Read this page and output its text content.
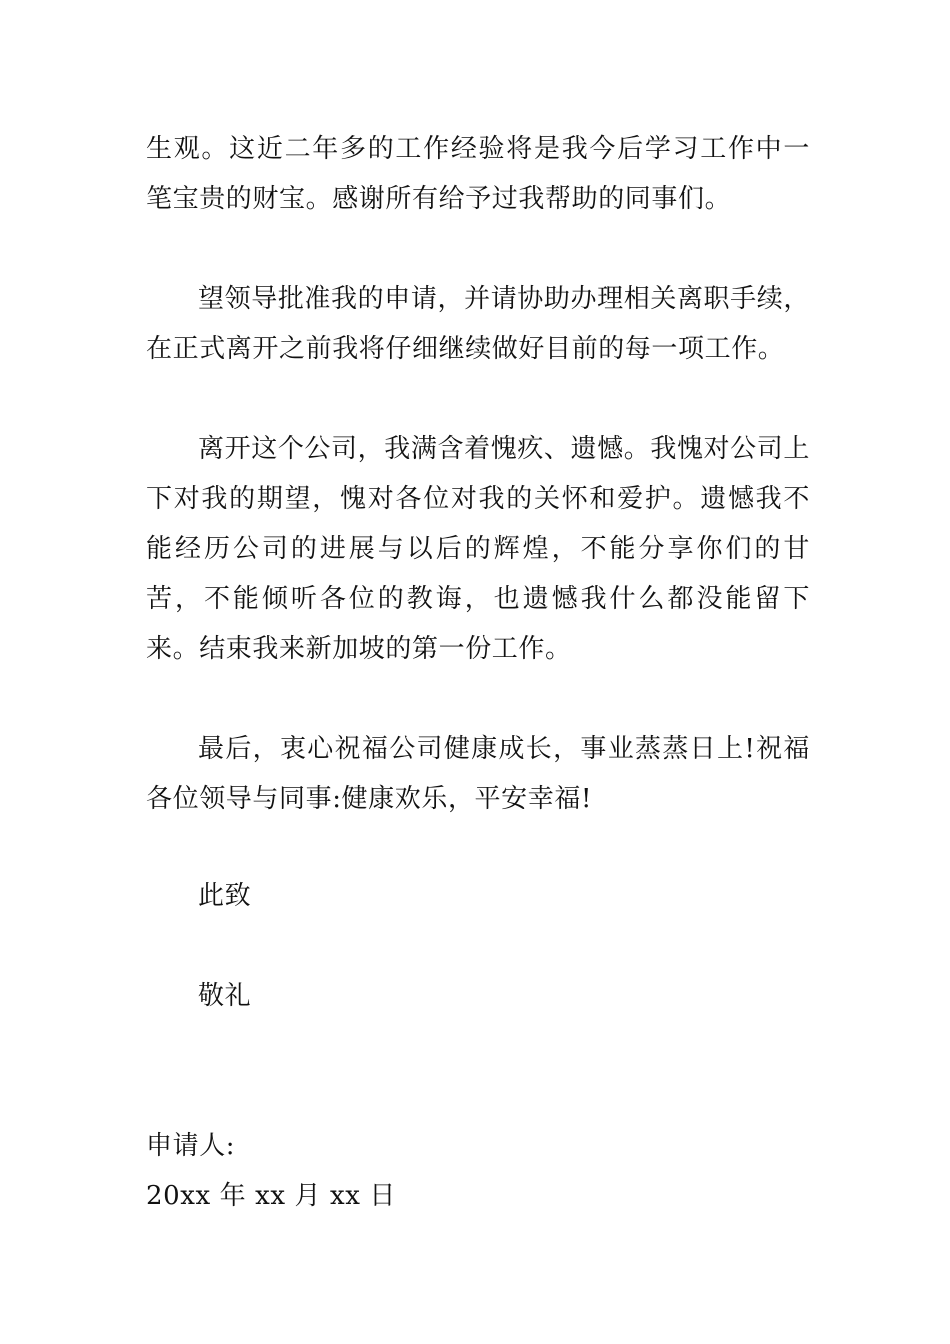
生观。这近二年多的工作经验将是我今后学习工作中一笔宝贵的财宝。感谢所有给予过我帮助的同事们。

望领导批准我的申请，并请协助办理相关离职手续，在正式离开之前我将仔细继续做好目前的每一项工作。

离开这个公司，我满含着愧疚、遗憾。我愧对公司上下对我的期望，愧对各位对我的关怀和爱护。遗憾我不能经历公司的进展与以后的辉煌，不能分享你们的甘苦，不能倾听各位的教诲，也遗憾我什么都没能留下来。结束我来新加坡的第一份工作。

最后，衷心祝福公司健康成长，事业蒸蒸日上!祝福各位领导与同事:健康欢乐，平安幸福!

此致

敬礼

申请人:

20xx 年 xx 月 xx 日
